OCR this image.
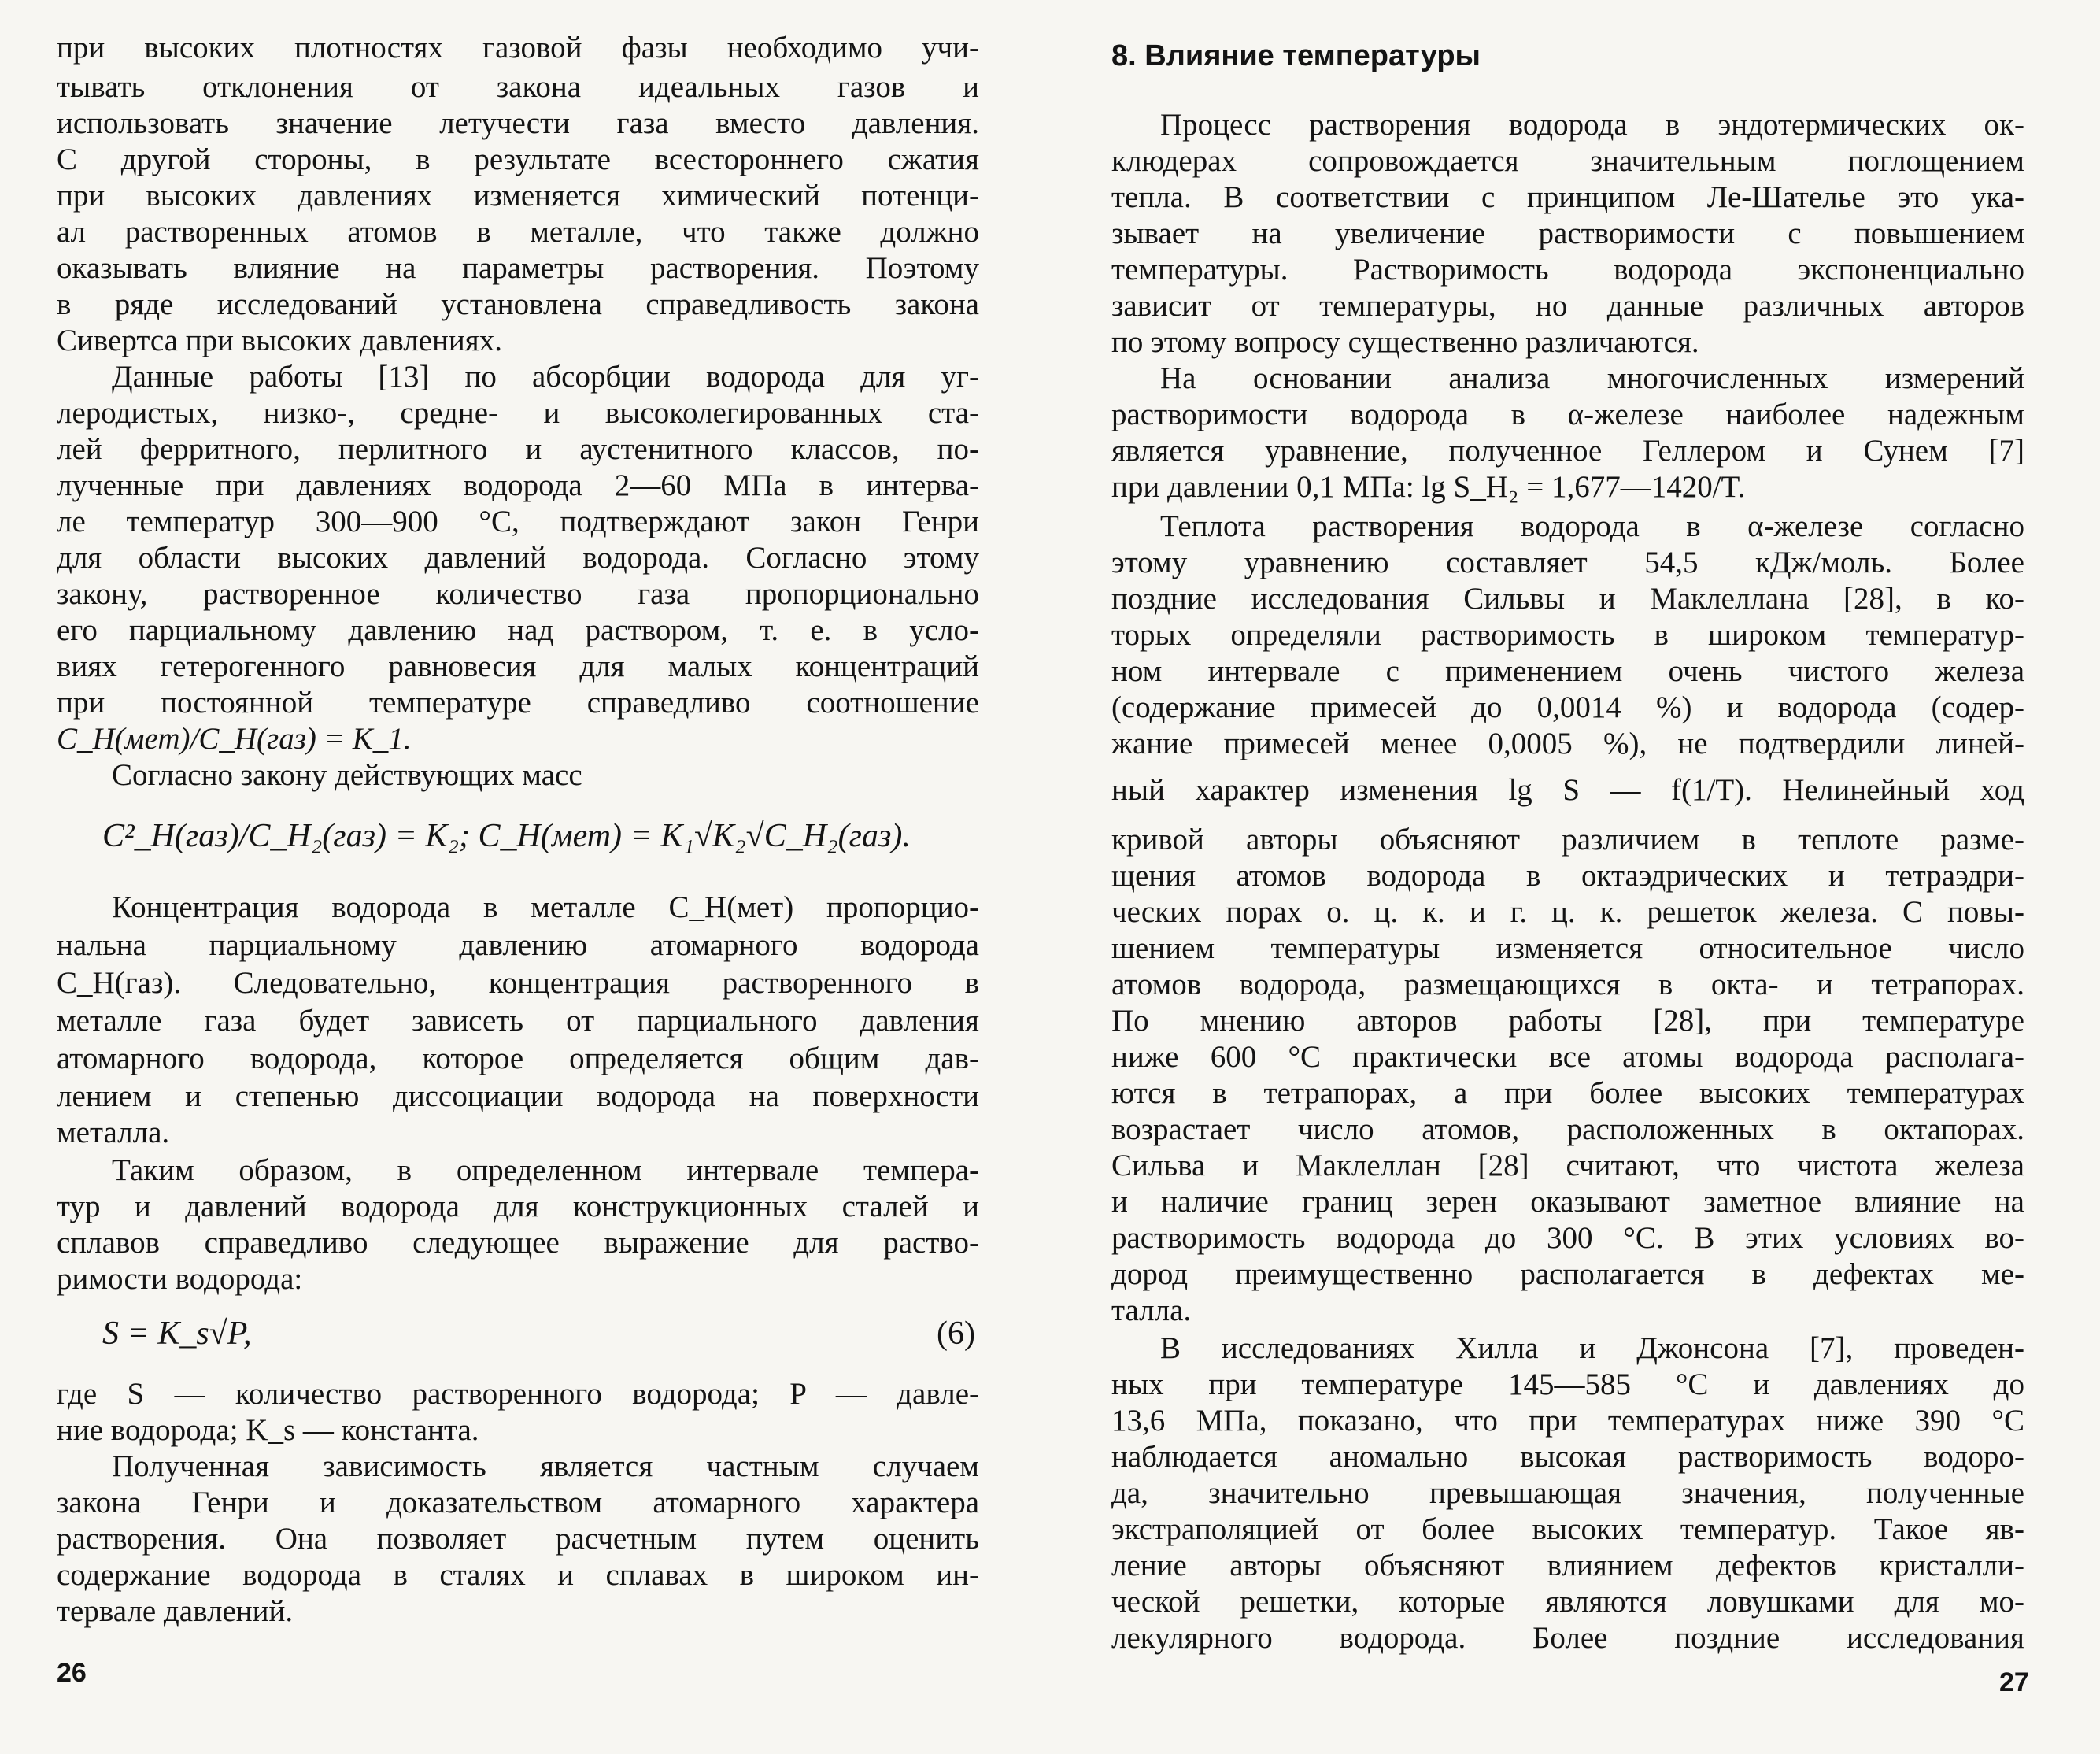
при высоких плотностях газовой фазы необходимо учи-
тывать отклонения от закона идеальных газов и
использовать значение летучести газа вместо давления.
С другой стороны, в результате всестороннего сжатия
при высоких давлениях изменяется химический потенци-
ал растворенных атомов в металле, что также должно
оказывать влияние на параметры растворения. Поэтому
в ряде исследований установлена справедливость закона
Сивертса при высоких давлениях.
Данные работы [13] по абсорбции водорода для уг-
леродистых, низко-, средне- и высоколегированных ста-
лей ферритного, перлитного и аустенитного классов, по-
лученные при давлениях водорода 2—60 МПа в интерва-
ле температур 300—900 °С, подтверждают закон Генри
для области высоких давлений водорода. Согласно этому
закону, растворенное количество газа пропорционально
его парциальному давлению над раствором, т. е. в усло-
виях гетерогенного равновесия для малых концентраций
при постоянной температуре справедливо соотношение
C_H(мет)/C_H(газ) = K_1.
Согласно закону действующих масс
C²_H(газ)/C_H₂(газ) = K₂; C_H(мет) = K₁√K₂√C_H₂(газ).
Концентрация водорода в металле C_H(мет) пропорцио-
нальна парциальному давлению атомарного водорода
C_H(газ). Следовательно, концентрация растворенного в
металле газа будет зависеть от парциального давления
атомарного водорода, которое определяется общим дав-
лением и степенью диссоциации водорода на поверхности
металла.
Таким образом, в определенном интервале темпера-
тур и давлений водорода для конструкционных сталей и
сплавов справедливо следующее выражение для раство-
римости водорода:
S = K_s√P,	(6)
где S — количество растворенного водорода; P — давле-
ние водорода; K_s — константа.
Полученная зависимость является частным случаем
закона Генри и доказательством атомарного характера
растворения. Она позволяет расчетным путем оценить
содержание водорода в сталях и сплавах в широком ин-
тервале давлений.
26
8. Влияние температуры
Процесс растворения водорода в эндотермических ок-
клюдерах сопровождается значительным поглощением
тепла. В соответствии с принципом Ле-Шателье это ука-
зывает на увеличение растворимости с повышением
температуры. Растворимость водорода экспоненциально
зависит от температуры, но данные различных авторов
по этому вопросу существенно различаются.
На основании анализа многочисленных измерений
растворимости водорода в α-железе наиболее надежным
является уравнение, полученное Геллером и Сунем [7]
при давлении 0,1 МПа: lg S_H₂ = 1,677—1420/T.
Теплота растворения водорода в α-железе согласно
этому уравнению составляет 54,5 кДж/моль. Более
поздние исследования Сильвы и Маклеллана [28], в ко-
торых определяли растворимость в широком температур-
ном интервале с применением очень чистого железа
(содержание примесей до 0,0014 %) и водорода (содер-
жание примесей менее 0,0005 %), не подтвердили линей-
ный характер изменения lg S — f(1/T). Нелинейный ход
кривой авторы объясняют различием в теплоте разме-
щения атомов водорода в октаэдрических и тетраэдри-
ческих порах о. ц. к. и г. ц. к. решеток железа. С повы-
шением температуры изменяется относительное число
атомов водорода, размещающихся в окта- и тетрапорах.
По мнению авторов работы [28], при температуре
ниже 600 °С практически все атомы водорода располага-
ются в тетрапорах, а при более высоких температурах
возрастает число атомов, расположенных в октапорах.
Сильва и Маклеллан [28] считают, что чистота железа
и наличие границ зерен оказывают заметное влияние на
растворимость водорода до 300 °С. В этих условиях во-
дород преимущественно располагается в дефектах ме-
талла.
В исследованиях Хилла и Джонсона [7], проведен-
ных при температуре 145—585 °С и давлениях до
13,6 МПа, показано, что при температурах ниже 390 °С
наблюдается аномально высокая растворимость водоро-
да, значительно превышающая значения, полученные
экстраполяцией от более высоких температур. Такое яв-
ление авторы объясняют влиянием дефектов кристалли-
ческой решетки, которые являются ловушками для мо-
лекулярного водорода. Более поздние исследования
27
